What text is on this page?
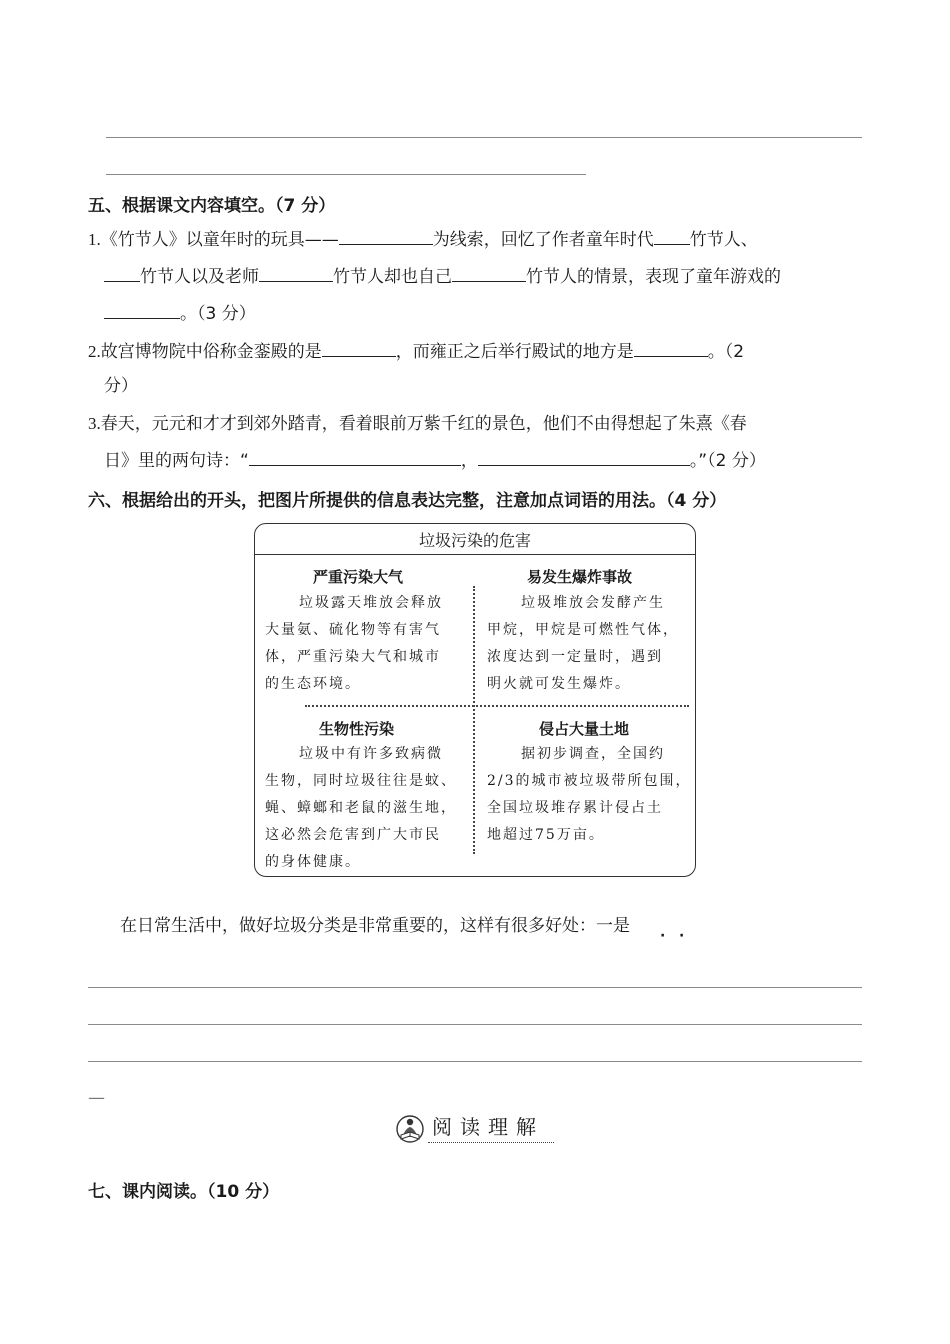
五、根据课文内容填空。（7 分）
1.《竹节人》以童年时的玩具——	为线索，回忆了作者童年时代 竹节人、
竹节人以及老师	竹节人却也自己	竹节人的情景，表现了童年游戏的
。（3 分）
2.故宫博物院中俗称金銮殿的是	，而雍正之后举行殿试的地方是	。（2
分）
3.春天，元元和才才到郊外踏青，看着眼前万紫千红的景色，他们不由得想起了朱熹《春
日》里的两句诗：“	，	。”（2 分）
六、根据给出的开头，把图片所提供的信息表达完整，注意加点词语的用法。（4 分）
垃圾污染的危害
严重污染大气
垃圾露天堆放会释放
大量氨、硫化物等有害气
体，严重污染大气和城市
的生态环境。
易发生爆炸事故
垃圾堆放会发酵产生
甲烷，甲烷是可燃性气体，
浓度达到一定量时，遇到
明火就可发生爆炸。
生物性污染
垃圾中有许多致病微
生物，同时垃圾往往是蚊、
蝇、蟑螂和老鼠的滋生地，
这必然会危害到广大市民
的身体健康。
侵占大量土地
据初步调查，全国约
2/3的城市被垃圾带所包围，
全国垃圾堆存累计侵占土
地超过75万亩。
在日常生活中，做好垃圾分类是非常重要的，这样有很多好处：一是 · ·
—
阅读理解
七、课内阅读。（10 分）
